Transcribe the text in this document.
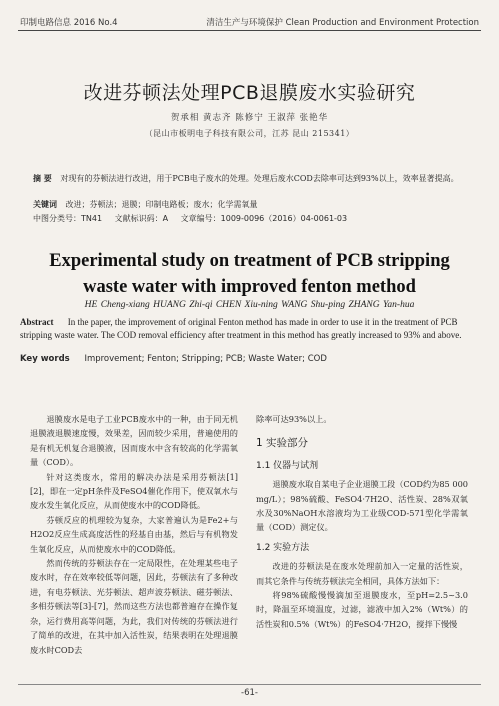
印制电路信息 2016 No.4	清洁生产与环境保护 Clean Production and Environment Protection
改进芬顿法处理PCB退膜废水实验研究
贺承相 黄志齐 陈修宁 王淑萍 张艳华
（昆山市板明电子科技有限公司，江苏 昆山 215341）
摘 要 对现有的芬顿法进行改进，用于PCB电子废水的处理。处理后废水COD去除率可达到93%以上，效率显著提高。
关键词 改进；芬顿法；退膜；印制电路板；废水；化学需氧量
中图分类号：TN41 文献标识码：A 文章编号：1009-0096（2016）04-0061-03
Experimental study on treatment of PCB stripping
waste water with improved fenton method
HE Cheng-xiang HUANG Zhi-qi CHEN Xiu-ning WANG Shu-ping ZHANG Yan-hua
Abstract In the paper, the improvement of original Fenton method has made in order to use it in the treatment of PCB stripping waste water. The COD removal efficiency after treatment in this method has greatly increased to 93% and above.
Key words Improvement; Fenton; Stripping; PCB; Waste Water; COD

退膜废水是电子工业PCB废水中的一种，由于同无机退膜液退膜速度慢，效果差，因而较少采用，普遍使用的是有机无机复合退膜液，因而废水中含有较高的化学需氧量（COD）。

针对这类废水，常用的解决办法是采用芬顿法[1][2]，即在一定pH条件及FeSO4催化作用下，使双氧水与废水发生氧化反应，从而使废水中的COD降低。

芬顿反应的机理较为复杂，大家普遍认为是Fe2+与H2O2反应生成高度活性的羟基自由基，然后与有机物发生氧化反应，从而使废水中的COD降低。

然而传统的芬顿法存在一定局限性，在处理某些电子废水时，存在效率较低等问题，因此，芬顿法有了多种改进，有电芬顿法、光芬顿法、超声波芬顿法、磁芬顿法、多相芬顿法等[3]-[7]，然而这些方法也都普遍存在操作复杂，运行费用高等问题，为此，我们对传统的芬顿法进行了简单的改进，在其中加入活性炭，结果表明在处理退膜废水时COD去

除率可达93%以上。

1 实验部分
1.1 仪器与试剂

退膜废水取自某电子企业退膜工段（COD约为85 000 mg/L）；98%硫酸、FeSO4·7H2O、活性炭、28%双氧水及30%NaOH水溶液均为工业级COD-571型化学需氧量（COD）测定仪。

1.2 实验方法

改进的芬顿法是在废水处理前加入一定量的活性炭，而其它条件与传统芬顿法完全相同，具体方法如下：

将98%硫酸慢慢滴加至退膜废水，至pH=2.5~3.0时，降温至环境温度，过滤，滤液中加入2%（Wt%）的活性炭和0.5%（Wt%）的FeSO4·7H2O，搅拌下慢慢

-61-
